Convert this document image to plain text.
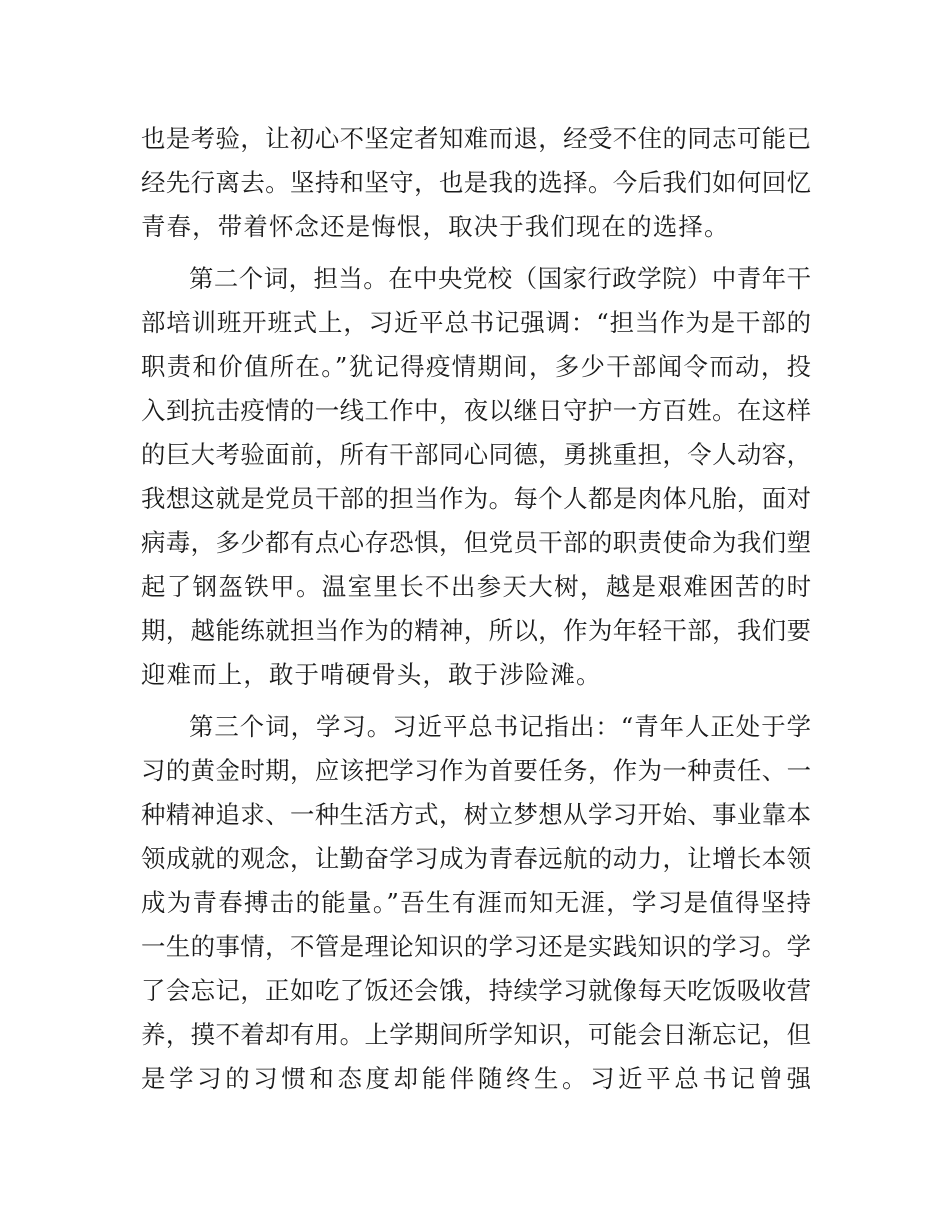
也是考验，让初心不坚定者知难而退，经受不住的同志可能已
经先行离去。坚持和坚守，也是我的选择。今后我们如何回忆
青春，带着怀念还是悔恨，取决于我们现在的选择。
第二个词，担当。在中央党校（国家行政学院）中青年干
部培训班开班式上，习近平总书记强调：“担当作为是干部的
职责和价值所在。”犹记得疫情期间，多少干部闻令而动，投
入到抗击疫情的一线工作中，夜以继日守护一方百姓。在这样
的巨大考验面前，所有干部同心同德，勇挑重担，令人动容，
我想这就是党员干部的担当作为。每个人都是肉体凡胎，面对
病毒，多少都有点心存恐惧，但党员干部的职责使命为我们塑
起了钢盔铁甲。温室里长不出参天大树，越是艰难困苦的时
期，越能练就担当作为的精神，所以，作为年轻干部，我们要
迎难而上，敢于啃硬骨头，敢于涉险滩。
第三个词，学习。习近平总书记指出：“青年人正处于学
习的黄金时期，应该把学习作为首要任务，作为一种责任、一
种精神追求、一种生活方式，树立梦想从学习开始、事业靠本
领成就的观念，让勤奋学习成为青春远航的动力，让增长本领
成为青春搏击的能量。”吾生有涯而知无涯，学习是值得坚持
一生的事情，不管是理论知识的学习还是实践知识的学习。学
了会忘记，正如吃了饭还会饿，持续学习就像每天吃饭吸收营
养，摸不着却有用。上学期间所学知识，可能会日渐忘记，但
是学习的习惯和态度却能伴随终生。习近平总书记曾强
